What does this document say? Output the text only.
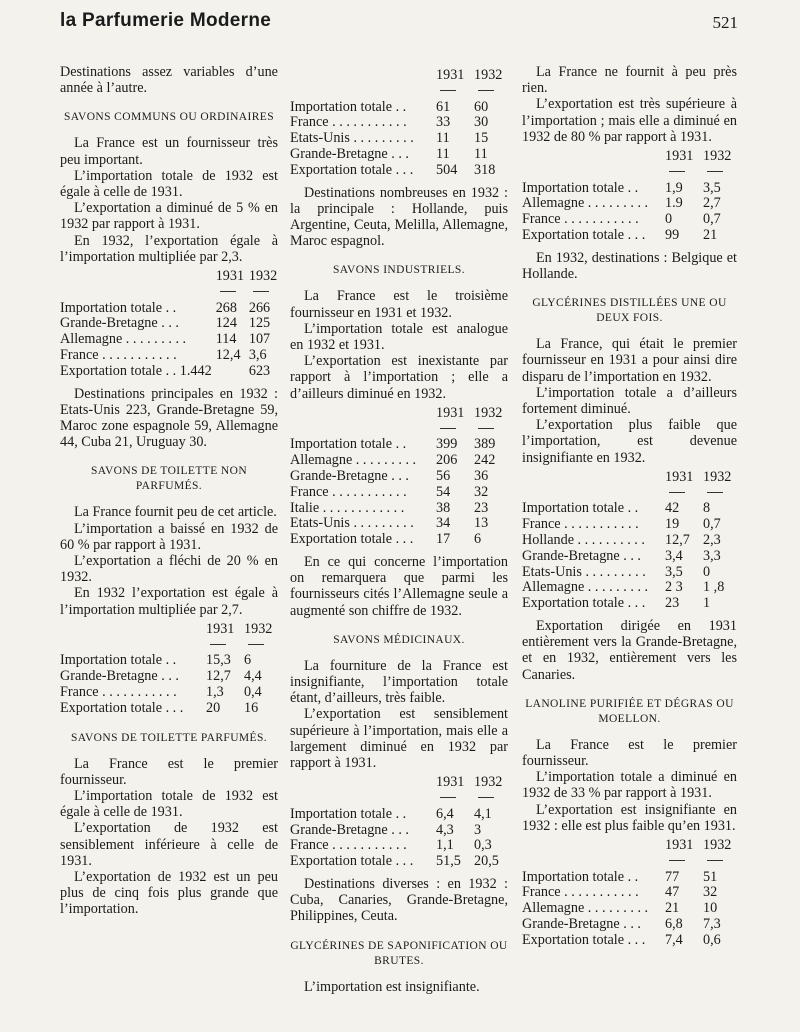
la Parfumerie Moderne	521

Destinations assez variables d’une année à l’autre.

SAVONS COMMUNS OU ORDINAIRES

La France est un fournisseur très peu important.

L’importation totale de 1932 est égale à celle de 1931.

L’exportation a diminué de 5 % en 1932 par rapport à 1931.

En 1932, l’exportation égale à l’importation multipliée par 2,3.

	1931	1932

Importation totale . .	268	266
Grande-Bretagne . . .	124	125
Allemagne . . . . . . . . .	114	107
France . . . . . . . . . . .	12,4	3,6
Exportation totale . . 1.442		623

Destinations principales en 1932 : Etats-Unis 223, Grande-Bretagne 59, Maroc zone espagnole 59, Allemagne 44, Cuba 21, Uruguay 30.

SAVONS DE TOILETTE NON PARFUMÉS.

La France fournit peu de cet article.

L’importation a baissé en 1932 de 60 % par rapport à 1931.

L’exportation a fléchi de 20 % en 1932.

En 1932 l’exportation est égale à l’importation multipliée par 2,7.

	1931	1932

Importation totale . .	15,3	6
Grande-Bretagne . . .	12,7	4,4
France . . . . . . . . . . .	1,3	0,4
Exportation totale . . .	20	16
SAVONS DE TOILETTE PARFUMÉS.

La France est le premier fournisseur.

L’importation totale de 1932 est égale à celle de 1931.

L’exportation de 1932 est sensiblement inférieure à celle de 1931.

L’exportation de 1932 est un peu plus de cinq fois plus grande que l’importation.

	1931	1932

Importation totale . .	61	60
France . . . . . . . . . . .	33	30
Etats-Unis . . . . . . . . .	11	15
Grande-Bretagne . . .	11	11
Exportation totale . . .	504	318

Destinations nombreuses en 1932 : la principale : Hollande, puis Argentine, Ceuta, Melilla, Allemagne, Maroc espagnol.

SAVONS INDUSTRIELS.

La France est le troisième fournisseur en 1931 et 1932.

L’importation totale est analogue en 1932 et 1931.

L’exportation est inexistante par rapport à l’importation ; elle a d’ailleurs diminué en 1932.

	1931	1932

Importation totale . .	399	389
Allemagne . . . . . . . . .	206	242
Grande-Bretagne . . .	56	36
France . . . . . . . . . . .	54	32
Italie . . . . . . . . . . . .	38	23
Etats-Unis . . . . . . . . .	34	13
Exportation totale . . .	17	6

En ce qui concerne l’importation on remarquera que parmi les fournisseurs cités l’Allemagne seule a augmenté son chiffre de 1932.

SAVONS MÉDICINAUX.

La fourniture de la France est insignifiante, l’importation totale étant, d’ailleurs, très faible.

L’exportation est sensiblement supérieure à l’importation, mais elle a largement diminué en 1932 par rapport à 1931.

	1931	1932

Importation totale . .	6,4	4,1
Grande-Bretagne . . .	4,3	3
France . . . . . . . . . . .	1,1	0,3
Exportation totale . . .	51,5	20,5

Destinations diverses : en 1932 : Cuba, Canaries, Grande-Bretagne, Philippines, Ceuta.

GLYCÉRINES DE SAPONIFICATION OU BRUTES.

L’importation est insignifiante.

La France ne fournit à peu près rien.

L’exportation est très supérieure à l’importation ; mais elle a diminué en 1932 de 80 % par rapport à 1931.

	1931	1932

Importation totale . .	1,9	3,5
Allemagne . . . . . . . . .	1.9	2,7
France . . . . . . . . . . .	0	0,7
Exportation totale . . .	99	21

En 1932, destinations : Belgique et Hollande.

GLYCÉRINES DISTILLÉES UNE OU DEUX FOIS.

La France, qui était le premier fournisseur en 1931 a pour ainsi dire disparu de l’importation en 1932.

L’importation totale a d’ailleurs fortement diminué.

L’exportation plus faible que l’importation, est devenue insignifiante en 1932.

	1931	1932

Importation totale . .	42	8
France . . . . . . . . . . .	19	0,7
Hollande . . . . . . . . . .	12,7	2,3
Grande-Bretagne . . .	3,4	3,3
Etats-Unis . . . . . . . . .	3,5	0
Allemagne . . . . . . . . .	2 3	1 ,8
Exportation totale . . .	23	1

Exportation dirigée en 1931 entièrement vers la Grande-Bretagne, et en 1932, entièrement vers les Canaries.

LANOLINE PURIFIÉE ET DÉGRAS OU MOELLON.

La France est le premier fournisseur.

L’importation totale a diminué en 1932 de 33 % par rapport à 1931.

L’exportation est insignifiante en 1932 : elle est plus faible qu’en 1931.

	1931	1932

Importation totale . .	77	51
France . . . . . . . . . . .	47	32
Allemagne . . . . . . . . .	21	10
Grande-Bretagne . . .	6,8	7,3
Exportation totale . . .	7,4	0,6
